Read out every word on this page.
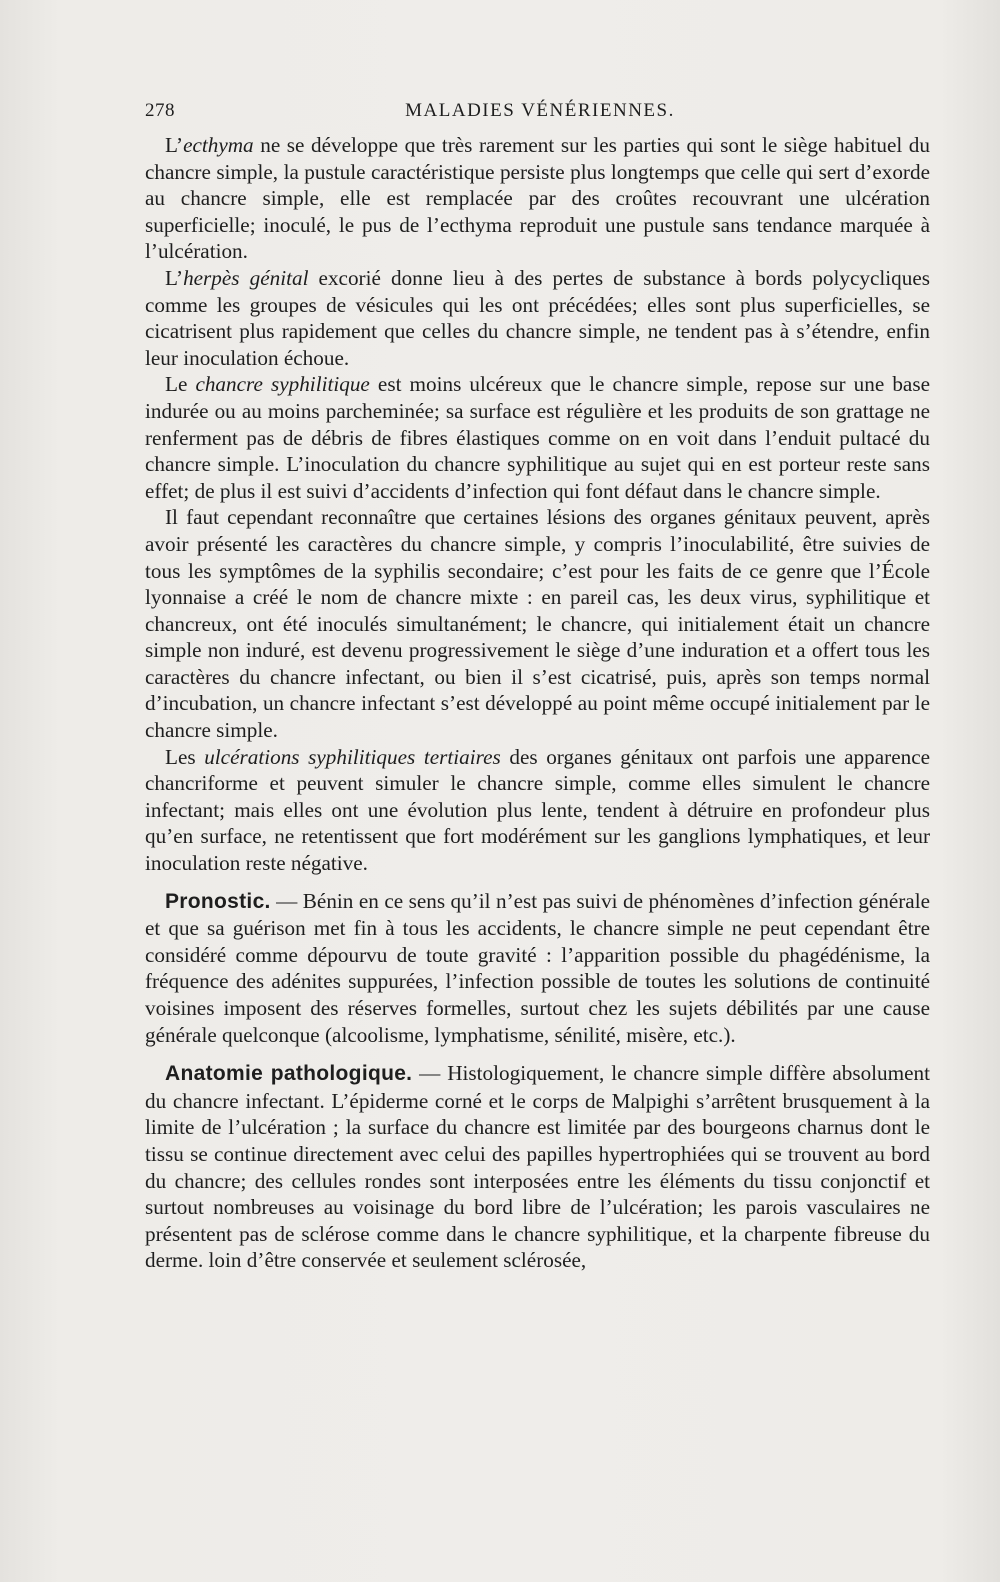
278	MALADIES VÉNÉRIENNES.

L’ecthyma ne se développe que très rarement sur les parties qui sont le siège habituel du chancre simple, la pustule caractéristique persiste plus longtemps que celle qui sert d’exorde au chancre simple, elle est remplacée par des croûtes recouvrant une ulcération superficielle; inoculé, le pus de l’ecthyma reproduit une pustule sans tendance marquée à l’ulcération.

L’herpès génital excorié donne lieu à des pertes de substance à bords polycycliques comme les groupes de vésicules qui les ont précédées; elles sont plus superficielles, se cicatrisent plus rapidement que celles du chancre simple, ne tendent pas à s’étendre, enfin leur inoculation échoue.

Le chancre syphilitique est moins ulcéreux que le chancre simple, repose sur une base indurée ou au moins parcheminée; sa surface est régulière et les produits de son grattage ne renferment pas de débris de fibres élastiques comme on en voit dans l’enduit pultacé du chancre simple. L’inoculation du chancre syphilitique au sujet qui en est porteur reste sans effet; de plus il est suivi d’accidents d’infection qui font défaut dans le chancre simple.

Il faut cependant reconnaître que certaines lésions des organes génitaux peuvent, après avoir présenté les caractères du chancre simple, y compris l’inoculabilité, être suivies de tous les symptômes de la syphilis secondaire; c’est pour les faits de ce genre que l’École lyonnaise a créé le nom de chancre mixte : en pareil cas, les deux virus, syphilitique et chancreux, ont été inoculés simultanément; le chancre, qui initialement était un chancre simple non induré, est devenu progressivement le siège d’une induration et a offert tous les caractères du chancre infectant, ou bien il s’est cicatrisé, puis, après son temps normal d’incubation, un chancre infectant s’est développé au point même occupé initialement par le chancre simple.

Les ulcérations syphilitiques tertiaires des organes génitaux ont parfois une apparence chancriforme et peuvent simuler le chancre simple, comme elles simulent le chancre infectant; mais elles ont une évolution plus lente, tendent à détruire en profondeur plus qu’en surface, ne retentissent que fort modérément sur les ganglions lymphatiques, et leur inoculation reste négative.

Pronostic. — Bénin en ce sens qu’il n’est pas suivi de phénomènes d’infection générale et que sa guérison met fin à tous les accidents, le chancre simple ne peut cependant être considéré comme dépourvu de toute gravité : l’apparition possible du phagédénisme, la fréquence des adénites suppurées, l’infection possible de toutes les solutions de continuité voisines imposent des réserves formelles, surtout chez les sujets débilités par une cause générale quelconque (alcoolisme, lymphatisme, sénilité, misère, etc.).

Anatomie pathologique. — Histologiquement, le chancre simple diffère absolument du chancre infectant. L’épiderme corné et le corps de Malpighi s’arrêtent brusquement à la limite de l’ulcération ; la surface du chancre est limitée par des bourgeons charnus dont le tissu se continue directement avec celui des papilles hypertrophiées qui se trouvent au bord du chancre; des cellules rondes sont interposées entre les éléments du tissu conjonctif et surtout nombreuses au voisinage du bord libre de l’ulcération; les parois vasculaires ne présentent pas de sclérose comme dans le chancre syphilitique, et la charpente fibreuse du derme. loin d’être conservée et seulement sclérosée,
